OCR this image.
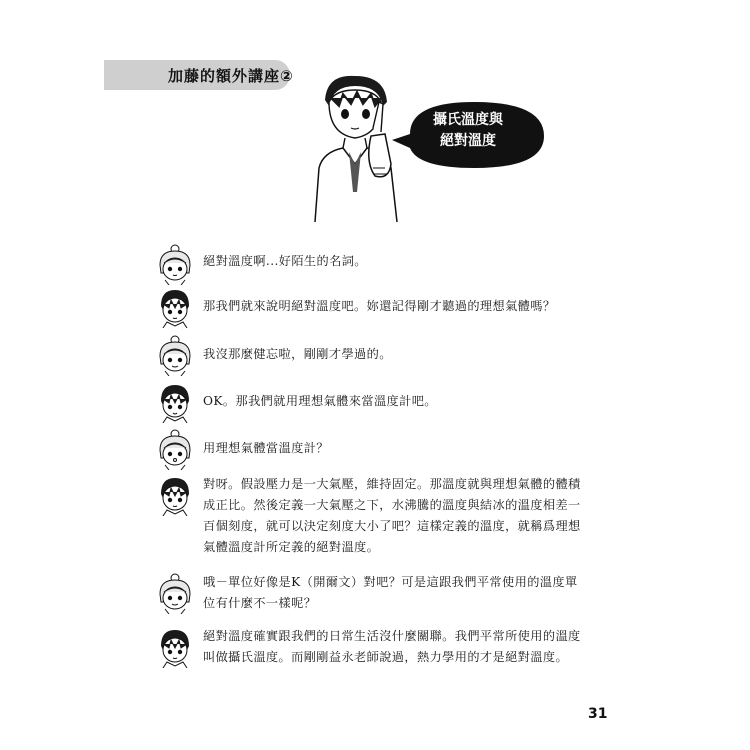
加藤的額外講座②
攝氏溫度與
絕對溫度
絕對溫度啊...好陌生的名詞。
那我們就來說明絕對溫度吧。妳還記得剛才聽過的理想氣體嗎？
我沒那麼健忘啦，剛剛才學過的。
OK。那我們就用理想氣體來當溫度計吧。
用理想氣體當溫度計？
對呀。假設壓力是一大氣壓，維持固定。那溫度就與理想氣體的體積
成正比。然後定義一大氣壓之下，水沸騰的溫度與結冰的溫度相差一
百個刻度，就可以決定刻度大小了吧？這樣定義的溫度，就稱爲理想
氣體溫度計所定義的絕對溫度。
哦－單位好像是K（開爾文）對吧？可是這跟我們平常使用的溫度單
位有什麼不一樣呢？
絕對溫度確實跟我們的日常生活沒什麼關聯。我們平常所使用的溫度
叫做攝氏溫度。而剛剛益永老師說過，熱力學用的才是絕對溫度。
31
